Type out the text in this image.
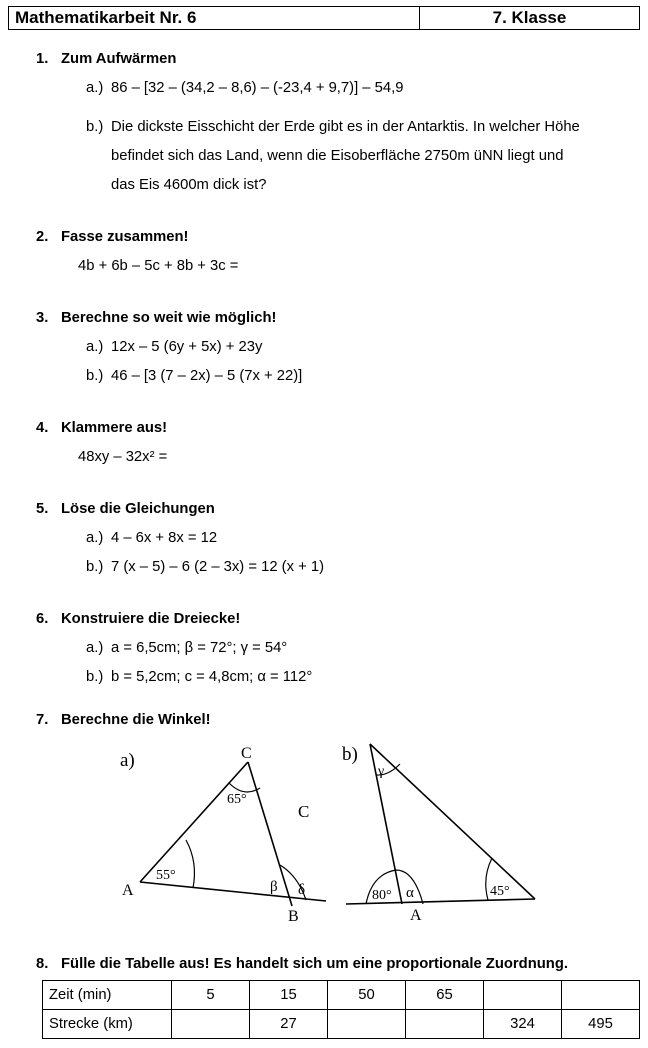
Mathematikarbeit Nr. 6	7. Klasse
1. Zum Aufwärmen
a.) 86 – [32 – (34,2 – 8,6) – (-23,4 + 9,7)] – 54,9
b.) Die dickste Eisschicht der Erde gibt es in der Antarktis. In welcher Höhe
befindet sich das Land, wenn die Eisoberfläche 2750m üNN liegt und
das Eis 4600m dick ist?
2. Fasse zusammen!
4b + 6b – 5c + 8b + 3c =
3. Berechne so weit wie möglich!
a.) 12x – 5 (6y + 5x) + 23y
b.) 46 – [3 (7 – 2x) – 5 (7x + 22)]
4. Klammere aus!
48xy – 32x² =
5. Löse die Gleichungen
a.) 4 – 6x + 8x = 12
b.) 7 (x – 5) – 6 (2 – 3x) = 12 (x + 1)
6. Konstruiere die Dreiecke!
a.) a = 6,5cm; β = 72°; γ = 54°
b.) b = 5,2cm; c = 4,8cm; α = 112°
7. Berechne die Winkel!
a)	C
65°
55°
A	β δ
B
C
b)
γ
80° α
A
45°
8. Fülle die Tabelle aus! Es handelt sich um eine proportionale Zuordnung.
Zeit (min)	5	15	50	65		
Strecke (km)		27			324	495
